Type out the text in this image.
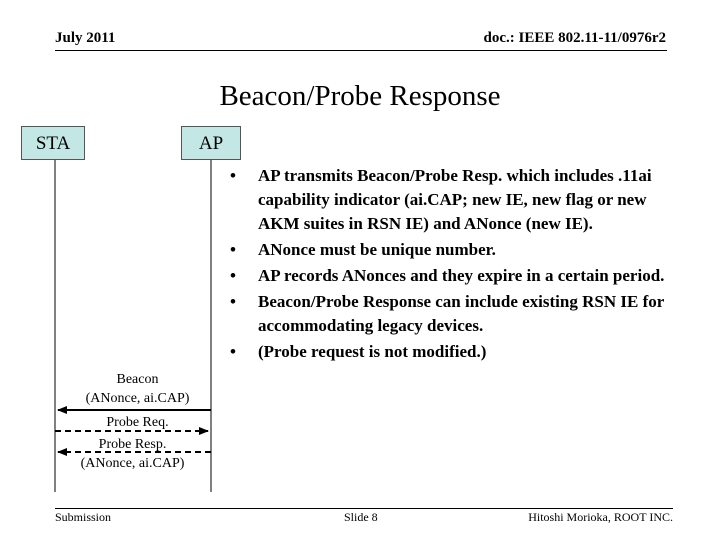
July 2011	doc.: IEEE 802.11-11/0976r2
Beacon/Probe Response
STA	AP
Beacon
(ANonce, ai.CAP)
Probe Req.
Probe Resp.
(ANonce, ai.CAP)
• AP transmits Beacon/Probe Resp. which includes .11ai capability indicator (ai.CAP; new IE, new flag or new AKM suites in RSN IE) and ANonce (new IE).
• ANonce must be unique number.
• AP records ANonces and they expire in a certain period.
• Beacon/Probe Response can include existing RSN IE for accommodating legacy devices.
• (Probe request is not modified.)
Submission	Slide 8	Hitoshi Morioka, ROOT INC.
